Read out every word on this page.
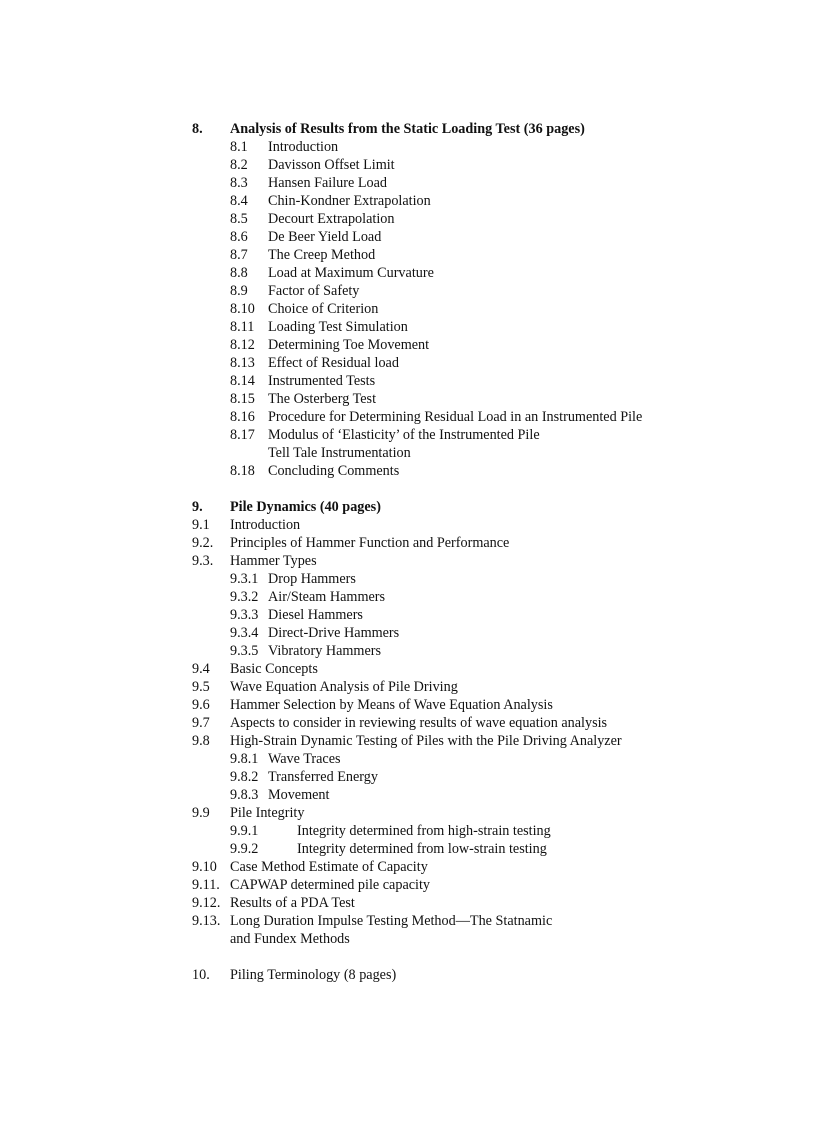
8. Analysis of Results from the Static Loading Test (36 pages)
8.1 Introduction
8.2 Davisson Offset Limit
8.3 Hansen Failure Load
8.4 Chin-Kondner Extrapolation
8.5 Decourt Extrapolation
8.6 De Beer Yield Load
8.7 The Creep Method
8.8 Load at Maximum Curvature
8.9 Factor of Safety
8.10 Choice of Criterion
8.11 Loading Test Simulation
8.12 Determining Toe Movement
8.13 Effect of Residual load
8.14 Instrumented Tests
8.15 The Osterberg Test
8.16 Procedure for Determining Residual Load in an Instrumented Pile
8.17 Modulus of ‘Elasticity’ of the Instrumented Pile
Tell Tale Instrumentation
8.18 Concluding Comments
9. Pile Dynamics (40 pages)
9.1 Introduction
9.2. Principles of Hammer Function and Performance
9.3. Hammer Types
9.3.1 Drop Hammers
9.3.2 Air/Steam Hammers
9.3.3 Diesel Hammers
9.3.4 Direct-Drive Hammers
9.3.5 Vibratory Hammers
9.4 Basic Concepts
9.5 Wave Equation Analysis of Pile Driving
9.6 Hammer Selection by Means of Wave Equation Analysis
9.7 Aspects to consider in reviewing results of wave equation analysis
9.8 High-Strain Dynamic Testing of Piles with the Pile Driving Analyzer
9.8.1 Wave Traces
9.8.2 Transferred Energy
9.8.3 Movement
9.9 Pile Integrity
9.9.1	Integrity determined from high-strain testing
9.9.2	Integrity determined from low-strain testing
9.10 Case Method Estimate of Capacity
9.11. CAPWAP determined pile capacity
9.12. Results of a PDA Test
9.13. Long Duration Impulse Testing Method—The Statnamic
and Fundex Methods
10. Piling Terminology (8 pages)
